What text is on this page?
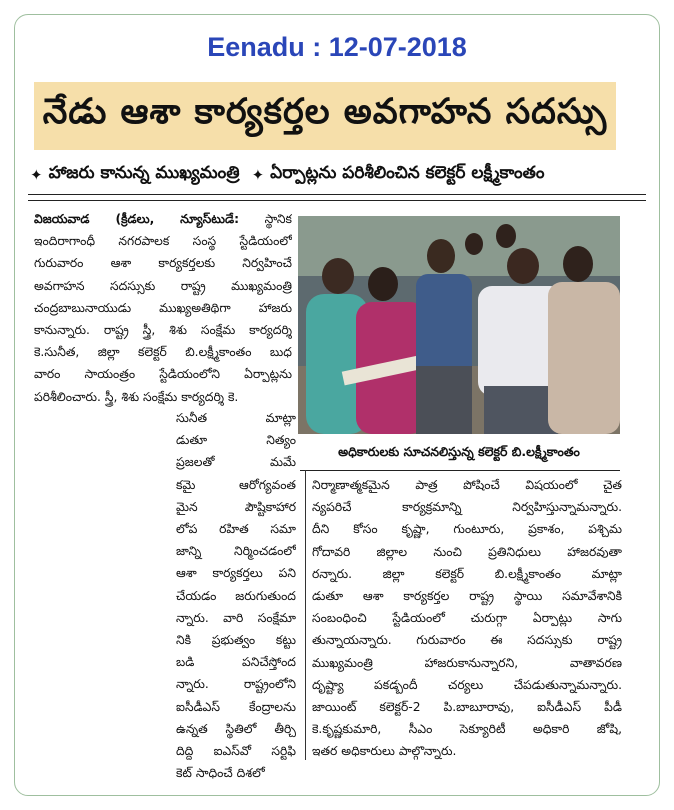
Eenadu : 12-07-2018
నేడు ఆశా కార్యకర్తల అవగాహన సదస్సు
✦ హాజరు కానున్న ముఖ్యమంత్రి ✦ ఏర్పాట్లను పరిశీలించిన కలెక్టర్ లక్ష్మీకాంతం
విజయవాడ (క్రీడలు, న్యూస్‌టుడే: స్థానిక
ఇందిరాగాంధీ నగరపాలక సంస్థ స్టేడియంలో
గురువారం ఆశా కార్యకర్తలకు నిర్వహించే
అవగాహన సదస్సుకు రాష్ట్ర ముఖ్యమంత్రి
చంద్రబాబునాయుడు ముఖ్యఅతిథిగా హాజరు
కానున్నారు. రాష్ట్ర స్త్రీ, శిశు సంక్షేమ కార్యదర్శి
కె.సునీత, జిల్లా కలెక్టర్ బి.లక్ష్మీకాంతం బుధ
వారం సాయంత్రం స్టేడియంలోని ఏర్పాట్లను
పరిశీలించారు. స్త్రీ, శిశు సంక్షేమ కార్యదర్శి కె.
సునీత మాట్లా
డుతూ నిత్యం
ప్రజలతో మమే
కమై ఆరోగ్యవంత
మైన పౌష్టికాహార
లోప రహిత సమా
జాన్ని నిర్మించడంలో
ఆశా కార్యకర్తలు పని
చేయడం జరుగుతుంద
న్నారు. వారి సంక్షేమా
నికి ప్రభుత్వం కట్టు
బడి పనిచేస్తోంద
న్నారు. రాష్ట్రంలోని
ఐసీడీఎస్ కేంద్రాలను
ఉన్నత స్థితిలో తీర్చి
దిద్ది ఐఎస్‌వో సర్టిఫి
కెట్ సాధించే దిశలో
అధికారులకు సూచనలిస్తున్న కలెక్టర్ బి.లక్ష్మీకాంతం
నిర్మాణాత్మకమైన పాత్ర పోషించే విషయంలో చైత
న్యపరిచే కార్యక్రమాన్ని నిర్వహిస్తున్నామన్నారు.
దీని కోసం కృష్ణా, గుంటూరు, ప్రకాశం, పశ్చిమ
గోదావరి జిల్లాల నుంచి ప్రతినిధులు హాజరవుతా
రన్నారు. జిల్లా కలెక్టర్ బి.లక్ష్మీకాంతం మాట్లా
డుతూ ఆశా కార్యకర్తల రాష్ట్ర స్థాయి సమావేశానికి
సంబంధించి స్టేడియంలో చురుగ్గా ఏర్పాట్లు సాగు
తున్నాయన్నారు. గురువారం ఈ సదస్సుకు రాష్ట్ర
ముఖ్యమంత్రి హాజరుకానున్నారని, వాతావరణ
దృష్ట్యా పకడ్బందీ చర్యలు చేపడుతున్నామన్నారు.
జాయింట్ కలెక్టర్-2 పి.బాబూరావు, ఐసీడీఎస్ పీడీ
కె.కృష్ణకుమారి, సీఎం సెక్యూరిటీ అధికారి జోషి,
ఇతర అధికారులు పాల్గొన్నారు.
